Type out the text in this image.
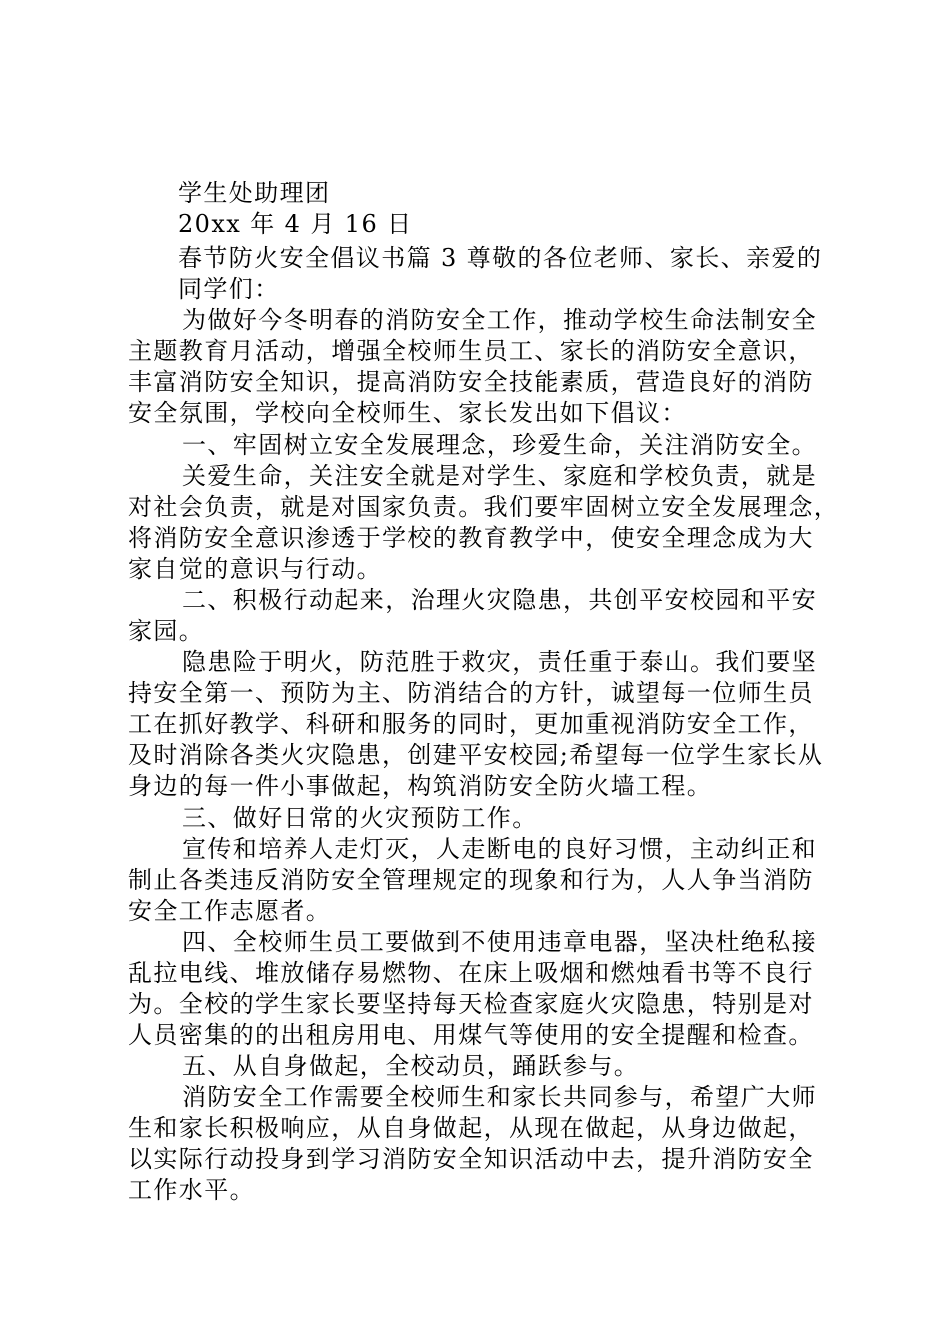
学生处助理团
20xx 年 4 月 16 日
春节防火安全倡议书篇 3 尊敬的各位老师、家长、亲爱的
同学们：
为做好今冬明春的消防安全工作，推动学校生命法制安全
主题教育月活动，增强全校师生员工、家长的消防安全意识，
丰富消防安全知识，提高消防安全技能素质，营造良好的消防
安全氛围，学校向全校师生、家长发出如下倡议：
一、牢固树立安全发展理念，珍爱生命，关注消防安全。
关爱生命，关注安全就是对学生、家庭和学校负责，就是
对社会负责，就是对国家负责。我们要牢固树立安全发展理念，
将消防安全意识渗透于学校的教育教学中，使安全理念成为大
家自觉的意识与行动。
二、积极行动起来，治理火灾隐患，共创平安校园和平安
家园。
隐患险于明火，防范胜于救灾，责任重于泰山。我们要坚
持安全第一、预防为主、防消结合的方针，诚望每一位师生员
工在抓好教学、科研和服务的同时，更加重视消防安全工作，
及时消除各类火灾隐患，创建平安校园;希望每一位学生家长从
身边的每一件小事做起，构筑消防安全防火墙工程。
三、做好日常的火灾预防工作。
宣传和培养人走灯灭，人走断电的良好习惯，主动纠正和
制止各类违反消防安全管理规定的现象和行为，人人争当消防
安全工作志愿者。
四、全校师生员工要做到不使用违章电器，坚决杜绝私接
乱拉电线、堆放储存易燃物、在床上吸烟和燃烛看书等不良行
为。全校的学生家长要坚持每天检查家庭火灾隐患，特别是对
人员密集的的出租房用电、用煤气等使用的安全提醒和检查。
五、从自身做起，全校动员，踊跃参与。
消防安全工作需要全校师生和家长共同参与，希望广大师
生和家长积极响应，从自身做起，从现在做起，从身边做起，
以实际行动投身到学习消防安全知识活动中去，提升消防安全
工作水平。
